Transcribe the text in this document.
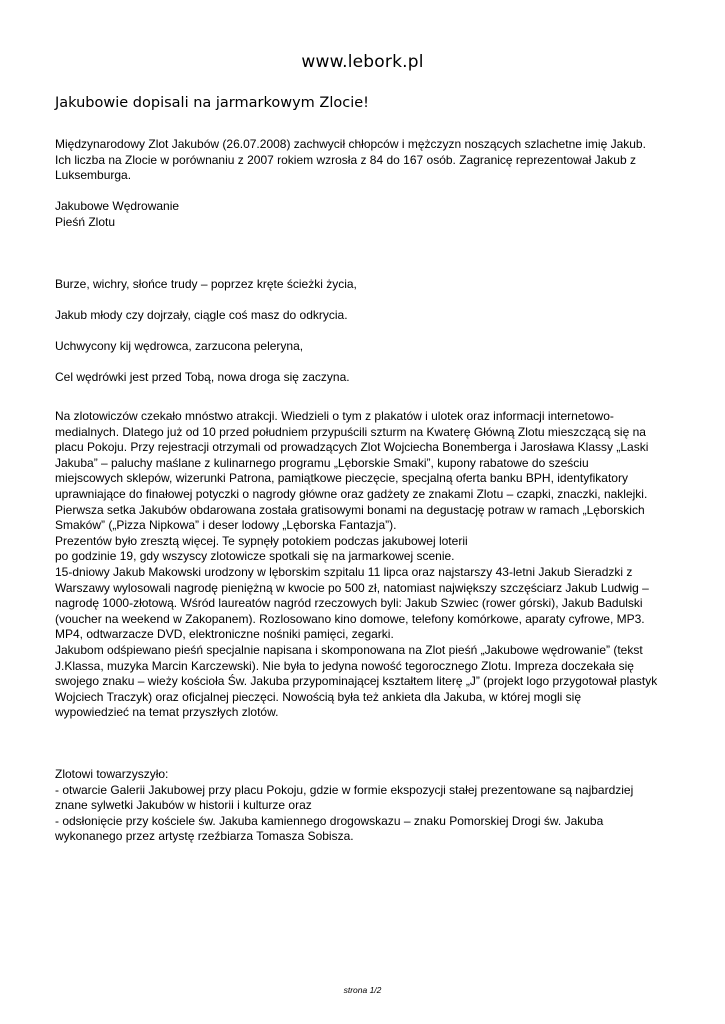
www.lebork.pl
Jakubowie dopisali na jarmarkowym Zlocie!

Międzynarodowy Zlot Jakubów (26.07.2008) zachwycił chłopców i mężczyzn noszących szlachetne imię Jakub.

Ich liczba na Zlocie w porównaniu z 2007 rokiem wzrosła z 84 do 167 osób. Zagranicę reprezentował Jakub z

Luksemburga.

Jakubowe Wędrowanie

Pieśń Zlotu

Burze, wichry, słońce trudy – poprzez kręte ścieżki życia,

Jakub młody czy dojrzały, ciągle coś masz do odkrycia.

Uchwycony kij wędrowca, zarzucona peleryna,

Cel wędrówki jest przed Tobą, nowa droga się zaczyna.

Na zlotowiczów czekało mnóstwo atrakcji. Wiedzieli o tym z plakatów i ulotek oraz informacji internetowo-

medialnych. Dlatego już od 10 przed południem przypuścili szturm na Kwaterę Główną Zlotu mieszczącą się na

placu Pokoju. Przy rejestracji otrzymali od prowadzących Zlot Wojciecha Bonemberga i Jarosława Klassy „Laski

Jakuba” – paluchy maślane z kulinarnego programu „Lęborskie Smaki”, kupony rabatowe do sześciu

miejscowych sklepów, wizerunki Patrona, pamiątkowe pieczęcie, specjalną oferta banku BPH, identyfikatory

uprawniające do finałowej potyczki o nagrody główne oraz gadżety ze znakami Zlotu – czapki, znaczki, naklejki.

Pierwsza setka Jakubów obdarowana została gratisowymi bonami na degustację potraw w ramach „Lęborskich

Smaków” („Pizza Nipkowa” i deser lodowy „Lęborska Fantazja”).

Prezentów było zresztą więcej. Te sypnęły potokiem podczas jakubowej loterii

po godzinie 19, gdy wszyscy zlotowicze spotkali się na jarmarkowej scenie.

15-dniowy Jakub Makowski urodzony w lęborskim szpitalu 11 lipca oraz najstarszy 43-letni Jakub Sieradzki z

Warszawy wylosowali nagrodę pieniężną w kwocie po 500 zł, natomiast największy szczęściarz Jakub Ludwig –

nagrodę 1000-złotową. Wśród laureatów nagród rzeczowych byli: Jakub Szwiec (rower górski), Jakub Badulski

(voucher na weekend w Zakopanem). Rozlosowano kino domowe, telefony komórkowe, aparaty cyfrowe, MP3.

MP4, odtwarzacze DVD, elektroniczne nośniki pamięci, zegarki.

Jakubom odśpiewano pieśń specjalnie napisana i skomponowana na Zlot pieśń „Jakubowe wędrowanie” (tekst

J.Klassa, muzyka Marcin Karczewski). Nie była to jedyna nowość tegorocznego Zlotu. Impreza doczekała się

swojego znaku – wieży kościoła Św. Jakuba przypominającej kształtem literę „J” (projekt logo przygotował plastyk

Wojciech Traczyk) oraz oficjalnej pieczęci. Nowością była też ankieta dla Jakuba, w której mogli się

wypowiedzieć na temat przyszłych zlotów.

Zlotowi towarzyszyło:

- otwarcie Galerii Jakubowej przy placu Pokoju, gdzie w formie ekspozycji stałej prezentowane są najbardziej

znane sylwetki Jakubów w historii i kulturze oraz

- odsłonięcie przy kościele św. Jakuba kamiennego drogowskazu – znaku Pomorskiej Drogi św. Jakuba

wykonanego przez artystę rzeźbiarza Tomasza Sobisza.

strona 1/2
